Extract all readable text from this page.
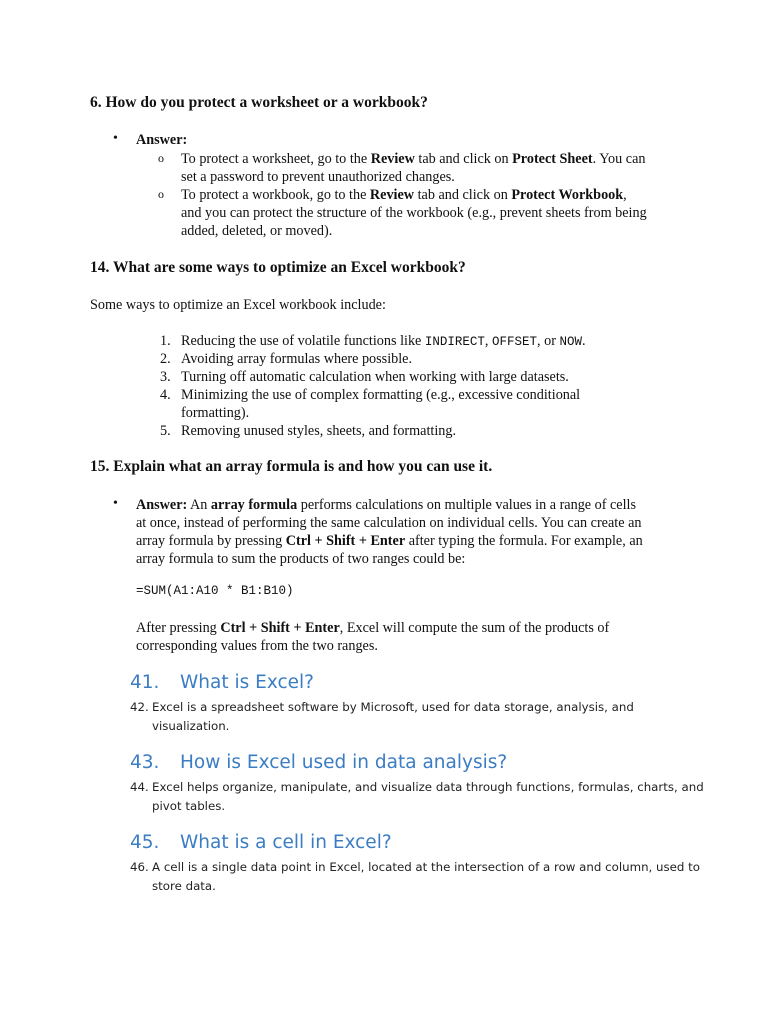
6. How do you protect a worksheet or a workbook?
• Answer:
o To protect a worksheet, go to the Review tab and click on Protect Sheet. You can
set a password to prevent unauthorized changes.
o To protect a workbook, go to the Review tab and click on Protect Workbook,
and you can protect the structure of the workbook (e.g., prevent sheets from being
added, deleted, or moved).
14. What are some ways to optimize an Excel workbook?
Some ways to optimize an Excel workbook include:
1. Reducing the use of volatile functions like INDIRECT, OFFSET, or NOW.
2. Avoiding array formulas where possible.
3. Turning off automatic calculation when working with large datasets.
4. Minimizing the use of complex formatting (e.g., excessive conditional
formatting).
5. Removing unused styles, sheets, and formatting.
15. Explain what an array formula is and how you can use it.
• Answer: An array formula performs calculations on multiple values in a range of cells
at once, instead of performing the same calculation on individual cells. You can create an
array formula by pressing Ctrl + Shift + Enter after typing the formula. For example, an
array formula to sum the products of two ranges could be:
=SUM(A1:A10 * B1:B10)
After pressing Ctrl + Shift + Enter, Excel will compute the sum of the products of
corresponding values from the two ranges.
41. What is Excel?
42. Excel is a spreadsheet software by Microsoft, used for data storage, analysis, and
visualization.
43. How is Excel used in data analysis?
44. Excel helps organize, manipulate, and visualize data through functions, formulas, charts, and
pivot tables.
45. What is a cell in Excel?
46. A cell is a single data point in Excel, located at the intersection of a row and column, used to
store data.
